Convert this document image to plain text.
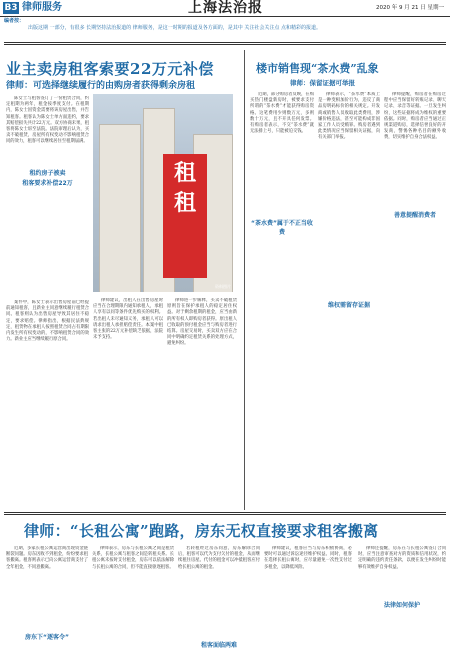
B3 律师服务	上海法治报	2020 年 9 月 21 日 星期一
编者按：
出版这期 一部分，有很多 长期坚持法治报道的 律师服务，是这一时期的报道及各方面的，是其中 关注社会关注点 点和精彩的报道。
业主卖房租客索要22万元补偿
律师：可选择继续履行的由购房者获得剩余房租

陈女士与租客签订了一份租赁合同，约定租期为两年，租金按季度支付。在租期内，陈女士因资金需要将该房屋出售，并告知租客。租客认为陈女士单方面违约，要求其赔偿损失共计22万元。双方协商未果，租客将陈女士诉至法院。法院审理后认为，买卖不破租赁，房屋所有权变动不影响租赁合同的效力，租客可以继续居住至租期届满。

租约房子被卖
租客要求补偿22万	租
租
资料图片

案件中，陈女士表示出售房屋前已经提前通知租客，且新业主同意继续履行租赁合同。租客则认为出售房屋导致其居住不稳定，要求赔偿。律师指出，根据民法典规定，租赁物在承租人按照租赁合同占有期限内发生所有权变动的，不影响租赁合同的效力。新业主应当继续履行原合同。

律师建议，出租人在出售房屋时应当在合理期限内通知承租人，承租人享有以同等条件优先购买的权利。若出租人未尽通知义务，承租人可以请求出租人承担赔偿责任。本案中租客主张的22万元补偿缺乏依据，法院未予支持。

律师进一步解释，买卖不破租赁原则旨在保护承租人的稳定居住权益。对于剩余租期的租金，应当由新的所有权人即购房者获得。原出租人已收取的预付租金应当与购房者进行结算。房屋交易时，买卖双方应在合同中明确约定租赁关系的处理方式，避免纠纷。

楼市销售现“茶水费”乱象
律师：保留证据可举报

近期，部分购房者反映，在购买热门楼盘新房时，被要求支付所谓的“茶水费”才能获得购房资格。这笔费用少则数万元，多则数十万元，且不开具任何发票。有购房者表示，不交“茶水费”就无法排上号，只能被迫交钱。

“茶水费”属于不正当收费

律师表示，“茶水费”本质上是一种变相加价行为，违反了商品房明码标价的相关规定。开发商或销售人员收取此类费用，涉嫌价格违法，甚至可能构成非国家工作人员受贿罪。购房者遇到此类情况应当保留相关证据，向有关部门举报。

维权需留存证据

律师提醒，购房者在购房过程中应当保留好转账记录、聊天记录、录音等证据。一旦发生纠纷，这些证据将成为维权的重要依据。同时，购房者应当通过正规渠道购房，选择信誉良好的开发商，警惕各种名目的额外收费，切实维护自身合法权益。

善意提醒消费者
律师：“长租公寓”跑路，房东无权直接要求租客搬离

近期，多家长租公寓运营商出现资金链断裂问题。房东因收不到租金，纷纷要求租客搬离。租客则表示已向公寓运营商支付了全年租金，不同意搬离。

房东下“逐客令”

律师表示，房东与长租公寓之间是租赁关系，长租公寓与租客之间是转租关系。长租公寓未按时支付租金，房东可以依法解除与长租公寓的合同，但不能直接驱逐租客。

若转租经过房东同意，房东解除合同后，租客可以代为支付欠付的租金，从而继续租住房屋。代付的租金可以冲抵租客应付给长租公寓的租金。

租客面临两难

律师建议，租客应当与房东积极协商，必要时可以通过诉讼途径维护权益。同时，租客在选择长租公寓时，应尽量避免一次性支付过多租金，以降低风险。

律师还提醒，房东在与长租公寓签订合同时，应当注意审查对方的资质和信用状况，约定明确的违约责任条款，以便在发生纠纷时能够有效维护自身权益。

法律如何保护
